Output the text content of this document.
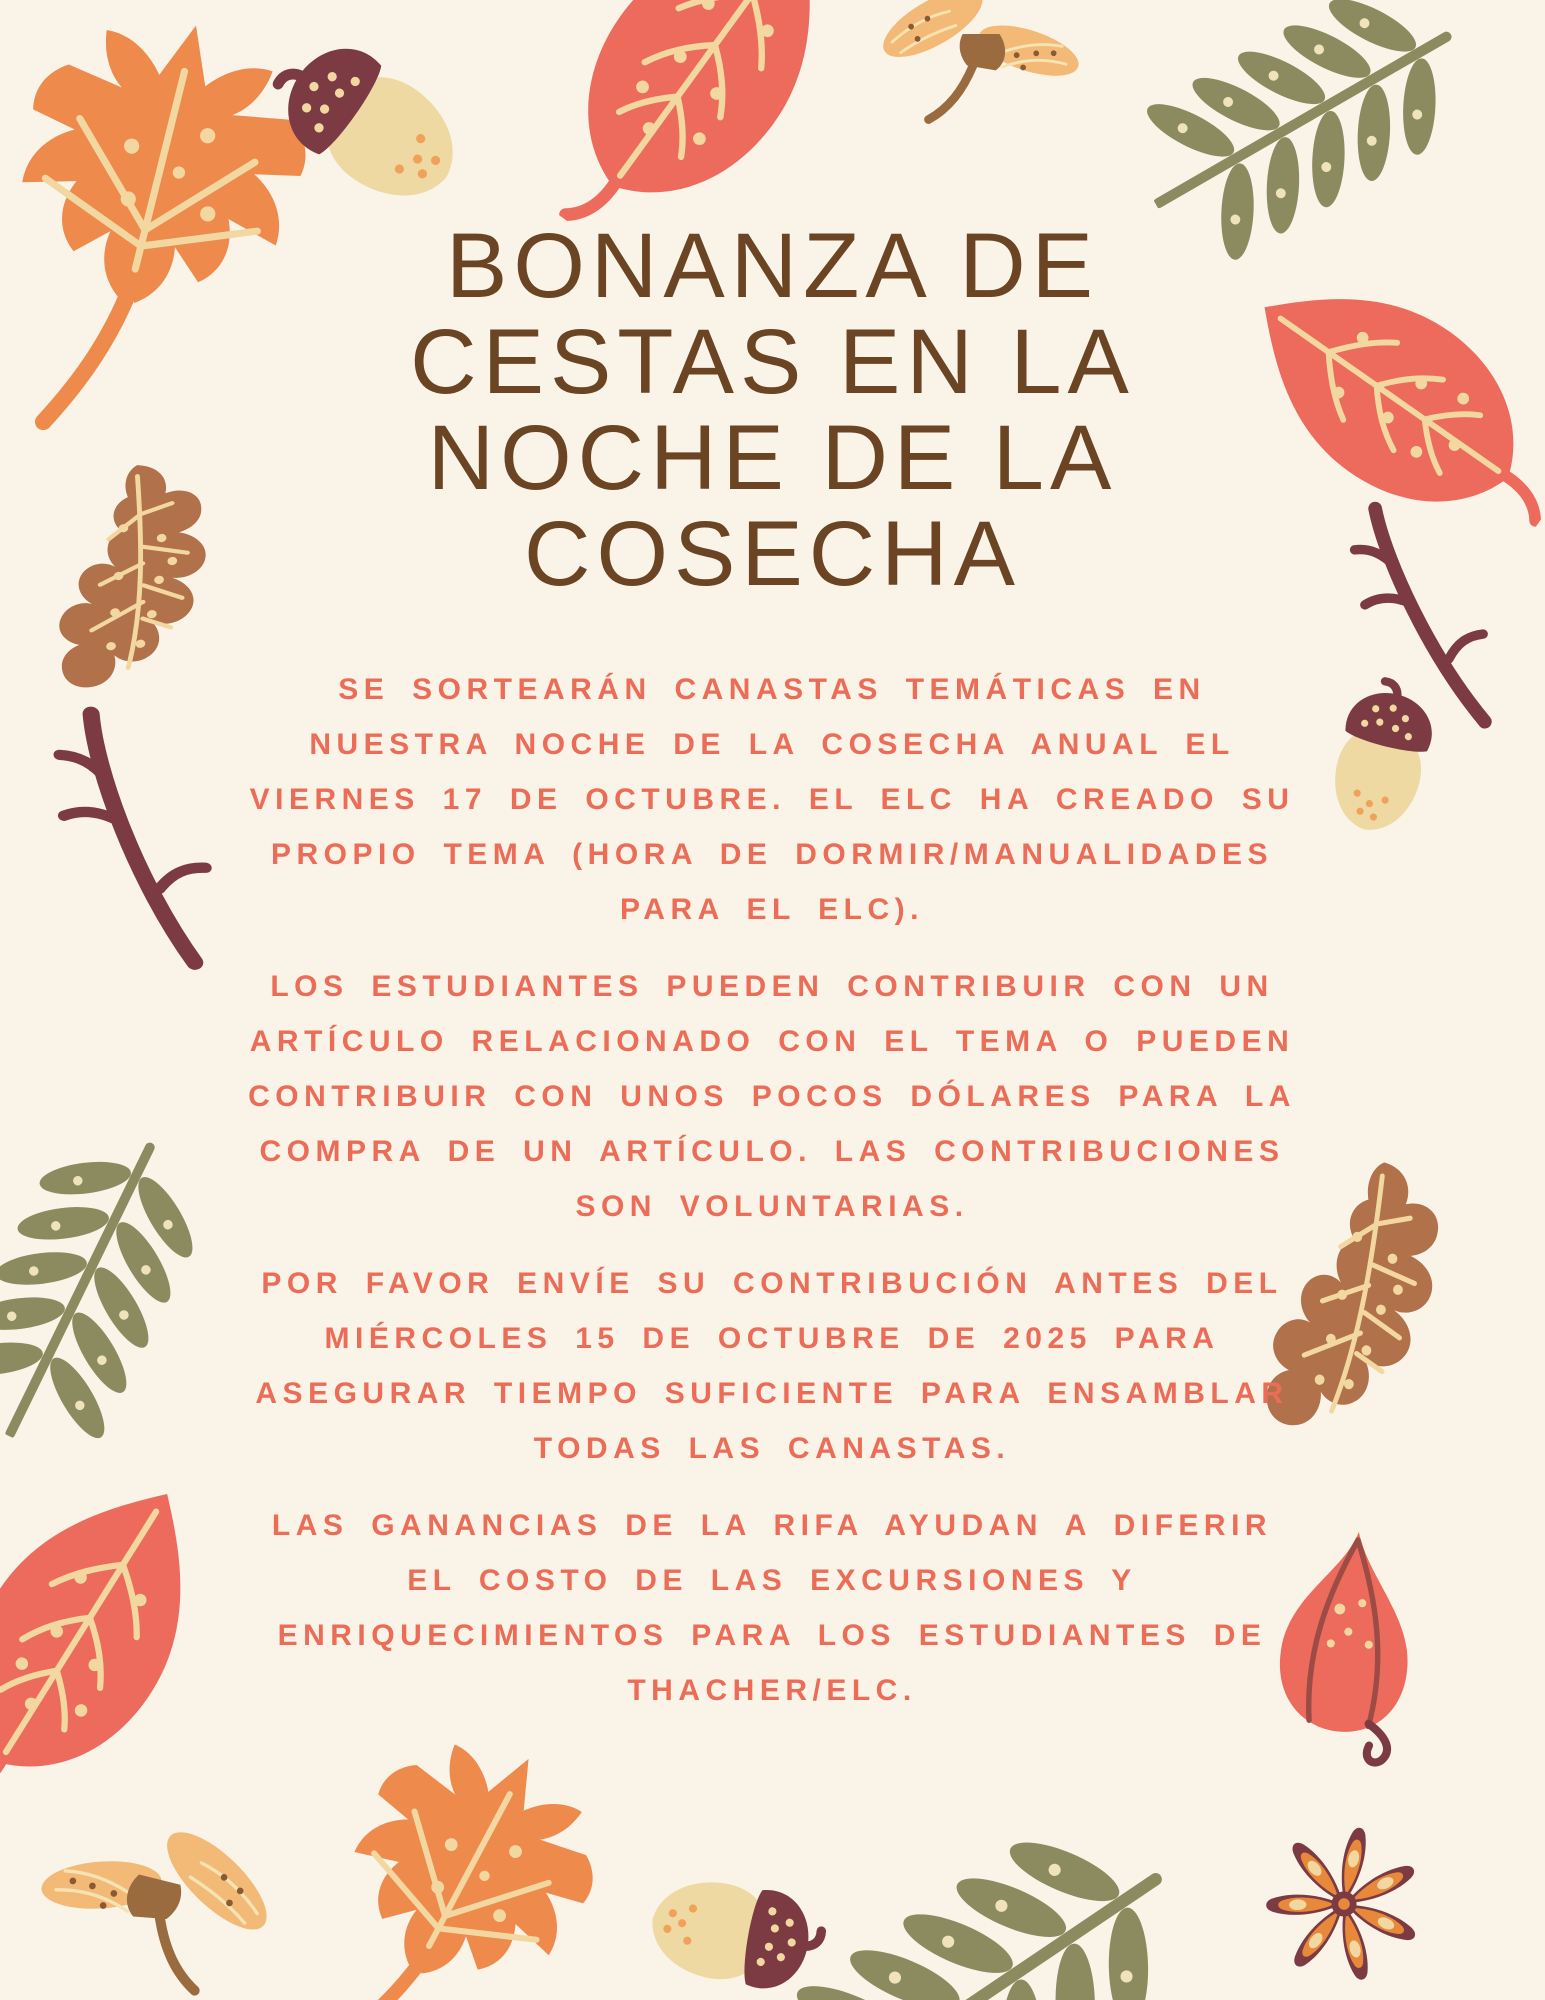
BONANZA DE
CESTAS EN LA
NOCHE DE LA
COSECHA

SE SORTEARÁN CANASTAS TEMÁTICAS EN NUESTRA NOCHE DE LA COSECHA ANUAL EL VIERNES 17 DE OCTUBRE. EL ELC HA CREADO SU PROPIO TEMA (HORA DE DORMIR/MANUALIDADES PARA EL ELC).

LOS ESTUDIANTES PUEDEN CONTRIBUIR CON UN ARTÍCULO RELACIONADO CON EL TEMA O PUEDEN CONTRIBUIR CON UNOS POCOS DÓLARES PARA LA COMPRA DE UN ARTÍCULO. LAS CONTRIBUCIONES SON VOLUNTARIAS.

POR FAVOR ENVÍE SU CONTRIBUCIÓN ANTES DEL MIÉRCOLES 15 DE OCTUBRE DE 2025 PARA ASEGURAR TIEMPO SUFICIENTE PARA ENSAMBLAR TODAS LAS CANASTAS.

LAS GANANCIAS DE LA RIFA AYUDAN A DIFERIR EL COSTO DE LAS EXCURSIONES Y ENRIQUECIMIENTOS PARA LOS ESTUDIANTES DE THACHER/ELC.
